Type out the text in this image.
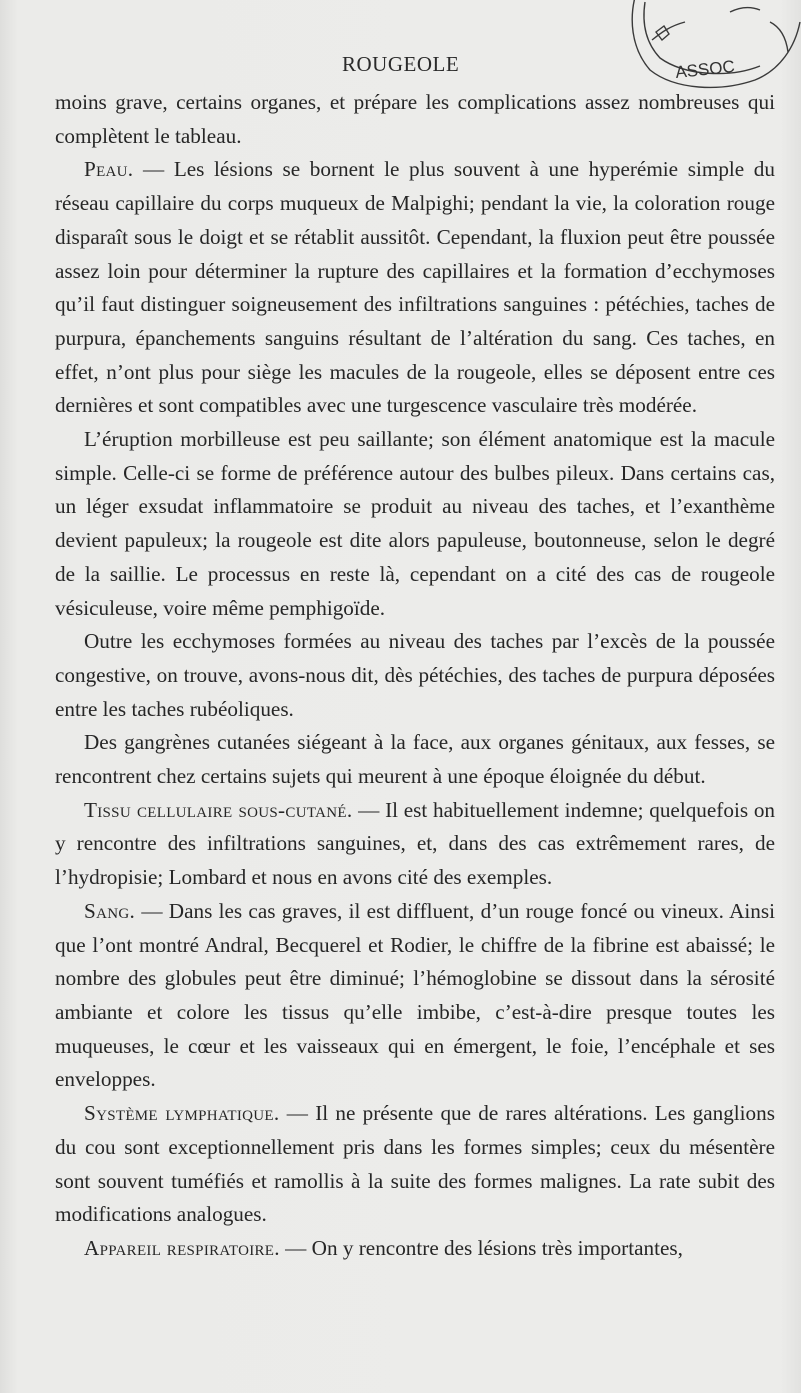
ROUGEOLE	ASSOC

moins grave, certains organes, et prépare les complications assez nombreuses qui complètent le tableau.

Peau. — Les lésions se bornent le plus souvent à une hyperémie simple du réseau capillaire du corps muqueux de Malpighi; pendant la vie, la coloration rouge disparaît sous le doigt et se rétablit aussitôt. Cependant, la fluxion peut être poussée assez loin pour déterminer la rupture des capillaires et la formation d’ecchymoses qu’il faut distinguer soigneusement des infiltrations sanguines : pétéchies, taches de purpura, épanchements sanguins résultant de l’altération du sang. Ces taches, en effet, n’ont plus pour siège les macules de la rougeole, elles se déposent entre ces dernières et sont compatibles avec une turgescence vasculaire très modérée.

L’éruption morbilleuse est peu saillante; son élément anatomique est la macule simple. Celle-ci se forme de préférence autour des bulbes pileux. Dans certains cas, un léger exsudat inflammatoire se produit au niveau des taches, et l’exanthème devient papuleux; la rougeole est dite alors papuleuse, boutonneuse, selon le degré de la saillie. Le processus en reste là, cependant on a cité des cas de rougeole vésiculeuse, voire même pemphigoïde.

Outre les ecchymoses formées au niveau des taches par l’excès de la poussée congestive, on trouve, avons-nous dit, dès pétéchies, des taches de purpura déposées entre les taches rubéoliques.

Des gangrènes cutanées siégeant à la face, aux organes génitaux, aux fesses, se rencontrent chez certains sujets qui meurent à une époque éloignée du début.

Tissu cellulaire sous-cutané. — Il est habituellement indemne; quelquefois on y rencontre des infiltrations sanguines, et, dans des cas extrêmement rares, de l’hydropisie; Lombard et nous en avons cité des exemples.

Sang. — Dans les cas graves, il est diffluent, d’un rouge foncé ou vineux. Ainsi que l’ont montré Andral, Becquerel et Rodier, le chiffre de la fibrine est abaissé; le nombre des globules peut être diminué; l’hémoglobine se dissout dans la sérosité ambiante et colore les tissus qu’elle imbibe, c’est-à-dire presque toutes les muqueuses, le cœur et les vaisseaux qui en émergent, le foie, l’encéphale et ses enveloppes.

Système lymphatique. — Il ne présente que de rares altérations. Les ganglions du cou sont exceptionnellement pris dans les formes simples; ceux du mésentère sont souvent tuméfiés et ramollis à la suite des formes malignes. La rate subit des modifications analogues.

Appareil respiratoire. — On y rencontre des lésions très importantes,
